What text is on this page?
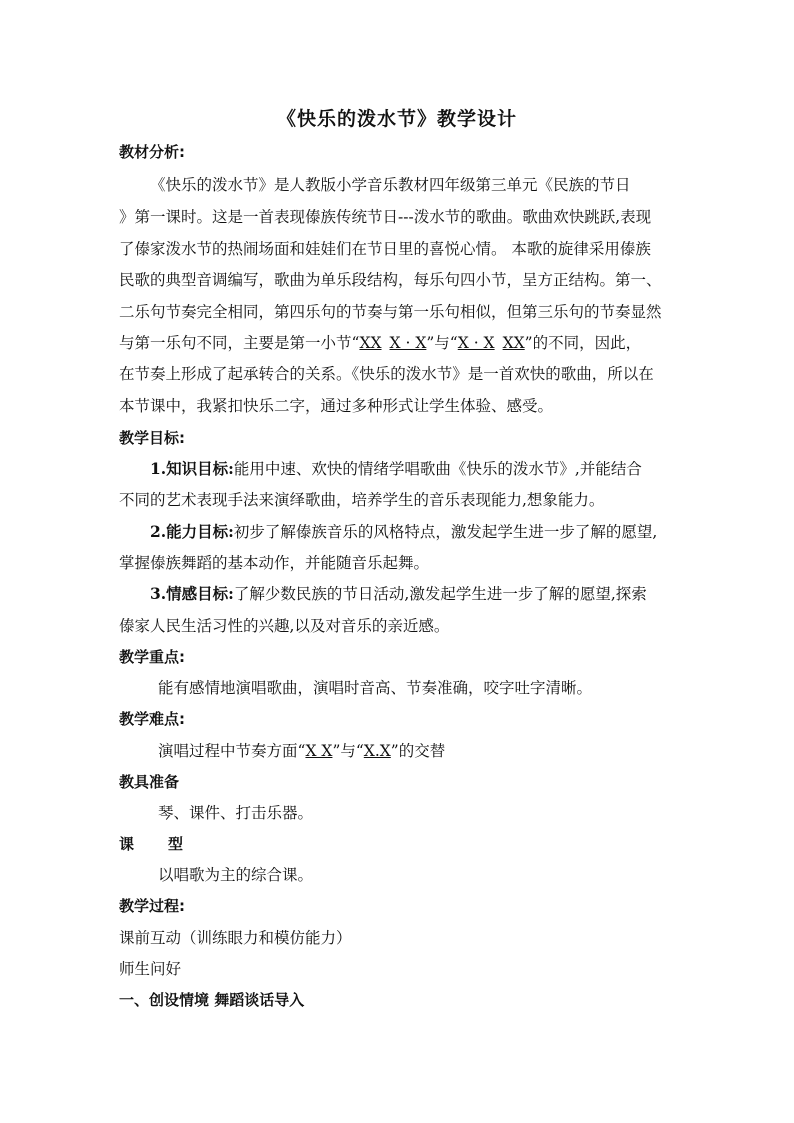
《快乐的泼水节》教学设计
教材分析:
《快乐的泼水节》是人教版小学音乐教材四年级第三单元《民族的节日
》第一课时。这是一首表现傣族传统节日---泼水节的歌曲。歌曲欢快跳跃,表现
了傣家泼水节的热闹场面和娃娃们在节日里的喜悦心情。 本歌的旋律采用傣族
民歌的典型音调编写，歌曲为单乐段结构，每乐句四小节，呈方正结构。第一、
二乐句节奏完全相同，第四乐句的节奏与第一乐句相似，但第三乐句的节奏显然
与第一乐句不同，主要是第一小节“XX X · X”与“X · X XX”的不同，因此，
在节奏上形成了起承转合的关系。《快乐的泼水节》是一首欢快的歌曲，所以在
本节课中，我紧扣快乐二字，通过多种形式让学生体验、感受。
教学目标:
1.知识目标:能用中速、欢快的情绪学唱歌曲《快乐的泼水节》,并能结合
不同的艺术表现手法来演绎歌曲，培养学生的音乐表现能力,想象能力。
2.能力目标:初步了解傣族音乐的风格特点，激发起学生进一步了解的愿望,
掌握傣族舞蹈的基本动作，并能随音乐起舞。
3.情感目标:了解少数民族的节日活动,激发起学生进一步了解的愿望,探索
傣家人民生活习性的兴趣,以及对音乐的亲近感。
教学重点:
能有感情地演唱歌曲，演唱时音高、节奏准确，咬字吐字清晰。
教学难点:
演唱过程中节奏方面“X X”与“X.X”的交替
教具准备
琴、课件、打击乐器。
课 型
以唱歌为主的综合课。
教学过程:
课前互动（训练眼力和模仿能力）
师生问好
一、创设情境 舞蹈谈话导入
